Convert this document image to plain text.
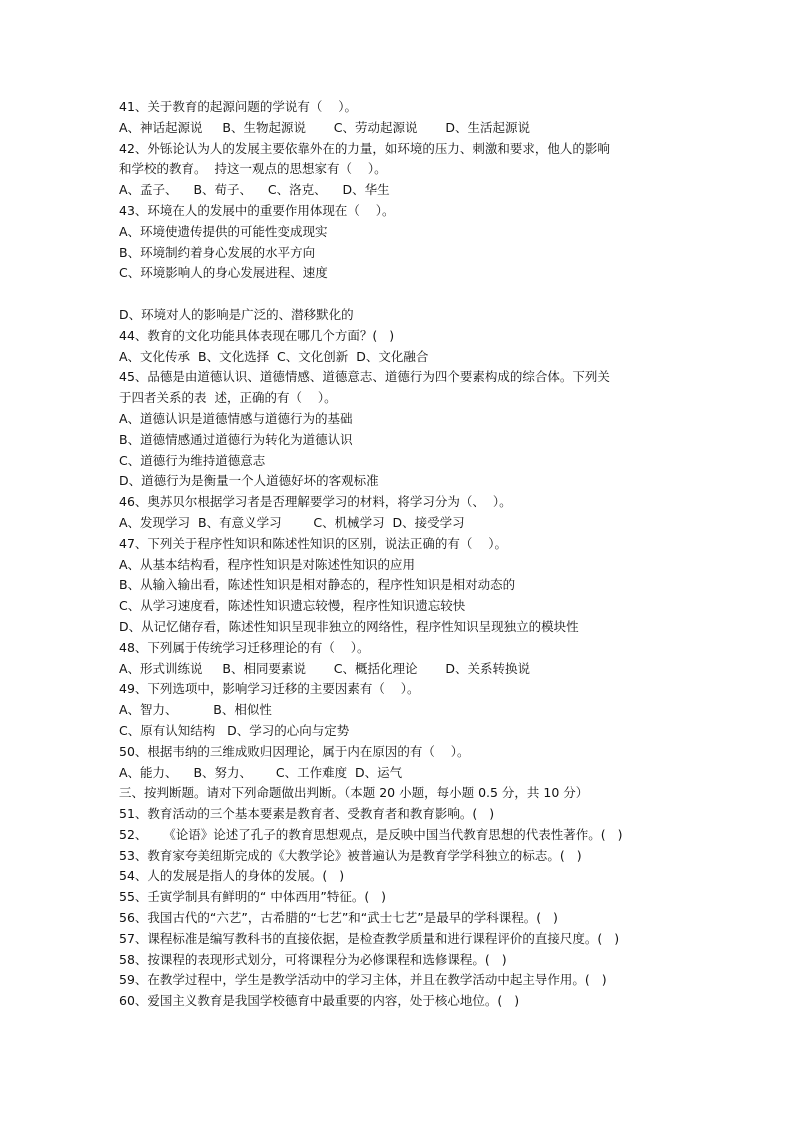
41、关于教育的起源问题的学说有（    ）。
A、神话起源说     B、生物起源说       C、劳动起源说       D、生活起源说
42、外铄论认为人的发展主要依靠外在的力量，如环境的压力、刺激和要求，他人的影响
和学校的教育。  持这一观点的思想家有（    ）。
A、孟子、    B、荀子、    C、洛克、    D、华生
43、环境在人的发展中的重要作用体现在（    ）。
A、环境使遗传提供的可能性变成现实
B、环境制约着身心发展的水平方向
C、环境影响人的身心发展进程、速度
D、环境对人的影响是广泛的、潜移默化的
44、教育的文化功能具体表现在哪几个方面？(   )
A、文化传承  B、文化选择  C、文化创新  D、文化融合
45、品德是由道德认识、道德情感、道德意志、道德行为四个要素构成的综合体。下列关
于四者关系的表  述，正确的有（    ）。
A、道德认识是道德情感与道德行为的基础
B、道德情感通过道德行为转化为道德认识
C、道德行为维持道德意志
D、道德行为是衡量一个人道德好坏的客观标准
46、奥苏贝尔根据学习者是否理解要学习的材料，将学习分为（、  ）。
A、发现学习  B、有意义学习        C、机械学习  D、接受学习
47、下列关于程序性知识和陈述性知识的区别，说法正确的有（    ）。
A、从基本结构看，程序性知识是对陈述性知识的应用
B、从输入输出看，陈述性知识是相对静态的，程序性知识是相对动态的
C、从学习速度看，陈述性知识遗忘较慢，程序性知识遗忘较快
D、从记忆储存看，陈述性知识呈现非独立的网络性，程序性知识呈现独立的模块性
48、下列属于传统学习迁移理论的有（    ）。
A、形式训练说     B、相同要素说       C、概括化理论       D、关系转换说
49、下列选项中，影响学习迁移的主要因素有（    ）。
A、智力、         B、相似性
C、原有认知结构   D、学习的心向与定势
50、根据韦纳的三维成败归因理论，属于内在原因的有（    ）。
A、能力、    B、努力、      C、工作难度  D、运气
三、按判断题。请对下列命题做出判断。（本题 20 小题，每小题 0.5 分，共 10 分）
51、教育活动的三个基本要素是教育者、受教育者和教育影响。(   )
52、    《论语》论述了孔子的教育思想观点，是反映中国当代教育思想的代表性著作。(   )
53、教育家夸美纽斯完成的《大教学论》被普遍认为是教育学学科独立的标志。(   )
54、人的发展是指人的身体的发展。(   )
55、壬寅学制具有鲜明的“ 中体西用”特征。(   )
56、我国古代的“六艺”，古希腊的“七艺”和“武士七艺”是最早的学科课程。(   )
57、课程标准是编写教科书的直接依据，是检查教学质量和进行课程评价的直接尺度。(   )
58、按课程的表现形式划分，可将课程分为必修课程和选修课程。(   )
59、在教学过程中，学生是教学活动中的学习主体，并且在教学活动中起主导作用。(   )
60、爱国主义教育是我国学校德育中最重要的内容，处于核心地位。(   )
